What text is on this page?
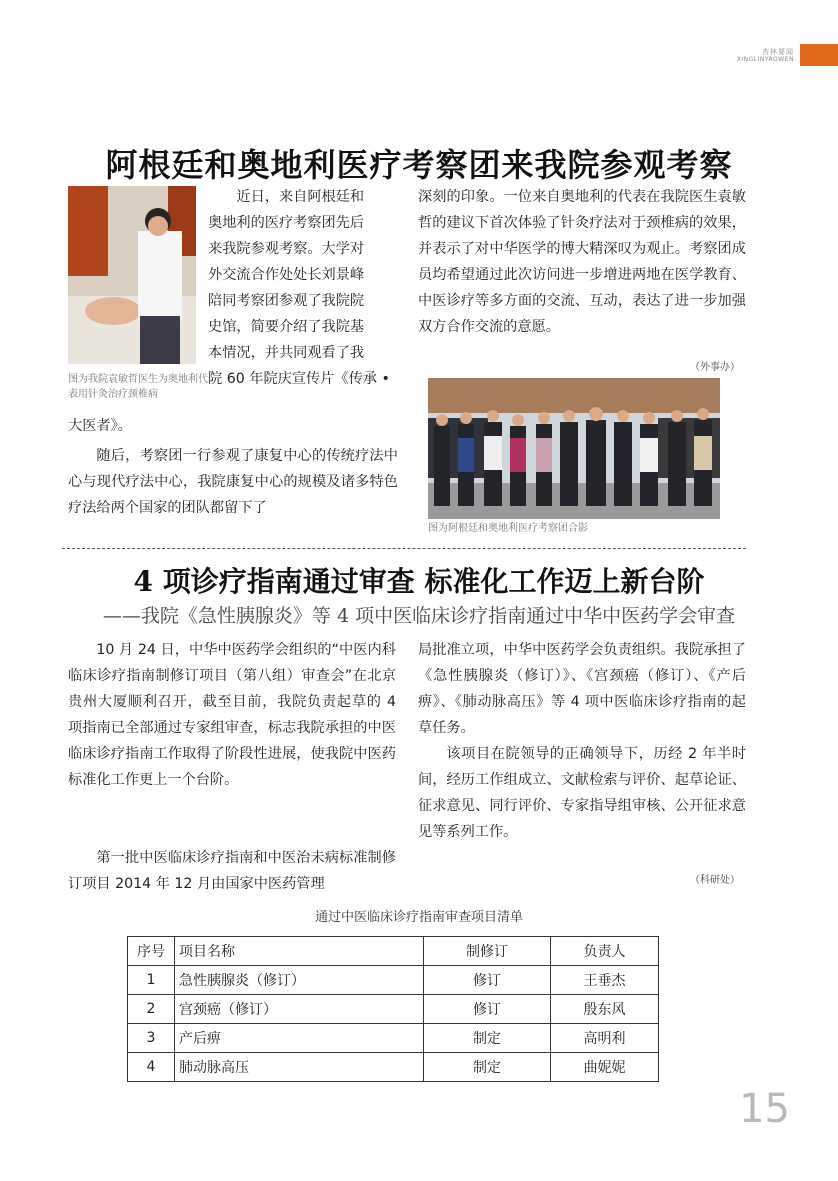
杏林要闻
XINGLINYAOWEN
阿根廷和奥地利医疗考察团来我院参观考察
图为我院袁敏哲医生为奥地利代表用针灸治疗颈椎病
近日，来自阿根廷和
奥地利的医疗考察团先后
来我院参观考察。大学对
外交流合作处处长刘景峰
陪同考察团参观了我院院
史馆，简要介绍了我院基
本情况，并共同观看了我
院 60 年院庆宣传片《传承 •
大医者》。
随后，考察团一行参观了康复中心的传统疗法中心与现代疗法中心，我院康复中心的规模及诸多特色疗法给两个国家的团队都留下了
深刻的印象。一位来自奥地利的代表在我院医生袁敏哲的建议下首次体验了针灸疗法对于颈椎病的效果，并表示了对中华医学的博大精深叹为观止。考察团成员均希望通过此次访问进一步增进两地在医学教育、中医诊疗等多方面的交流、互动，表达了进一步加强双方合作交流的意愿。
（外事办）
图为阿根廷和奥地利医疗考察团合影
4 项诊疗指南通过审查 标准化工作迈上新台阶
——我院《急性胰腺炎》等 4 项中医临床诊疗指南通过中华中医药学会审查
10 月 24 日，中华中医药学会组织的“中医内科临床诊疗指南制修订项目（第八组）审查会”在北京贵州大厦顺利召开，截至目前，我院负责起草的 4 项指南已全部通过专家组审查，标志我院承担的中医临床诊疗指南工作取得了阶段性进展，使我院中医药标准化工作更上一个台阶。
第一批中医临床诊疗指南和中医治未病标准制修订项目 2014 年 12 月由国家中医药管理
局批准立项，中华中医药学会负责组织。我院承担了《急性胰腺炎（修订）》、《宫颈癌（修订）、《产后痹》、《肺动脉高压》等 4 项中医临床诊疗指南的起草任务。
该项目在院领导的正确领导下，历经 2 年半时间，经历工作组成立、文献检索与评价、起草论证、征求意见、同行评价、专家指导组审核、公开征求意见等系列工作。
（科研处）
通过中医临床诊疗指南审查项目清单
序号	项目名称	制修订	负责人
1	急性胰腺炎（修订）	修订	王垂杰
2	宫颈癌（修订）	修订	殷东风
3	产后痹	制定	高明利
4	肺动脉高压	制定	曲妮妮
15
